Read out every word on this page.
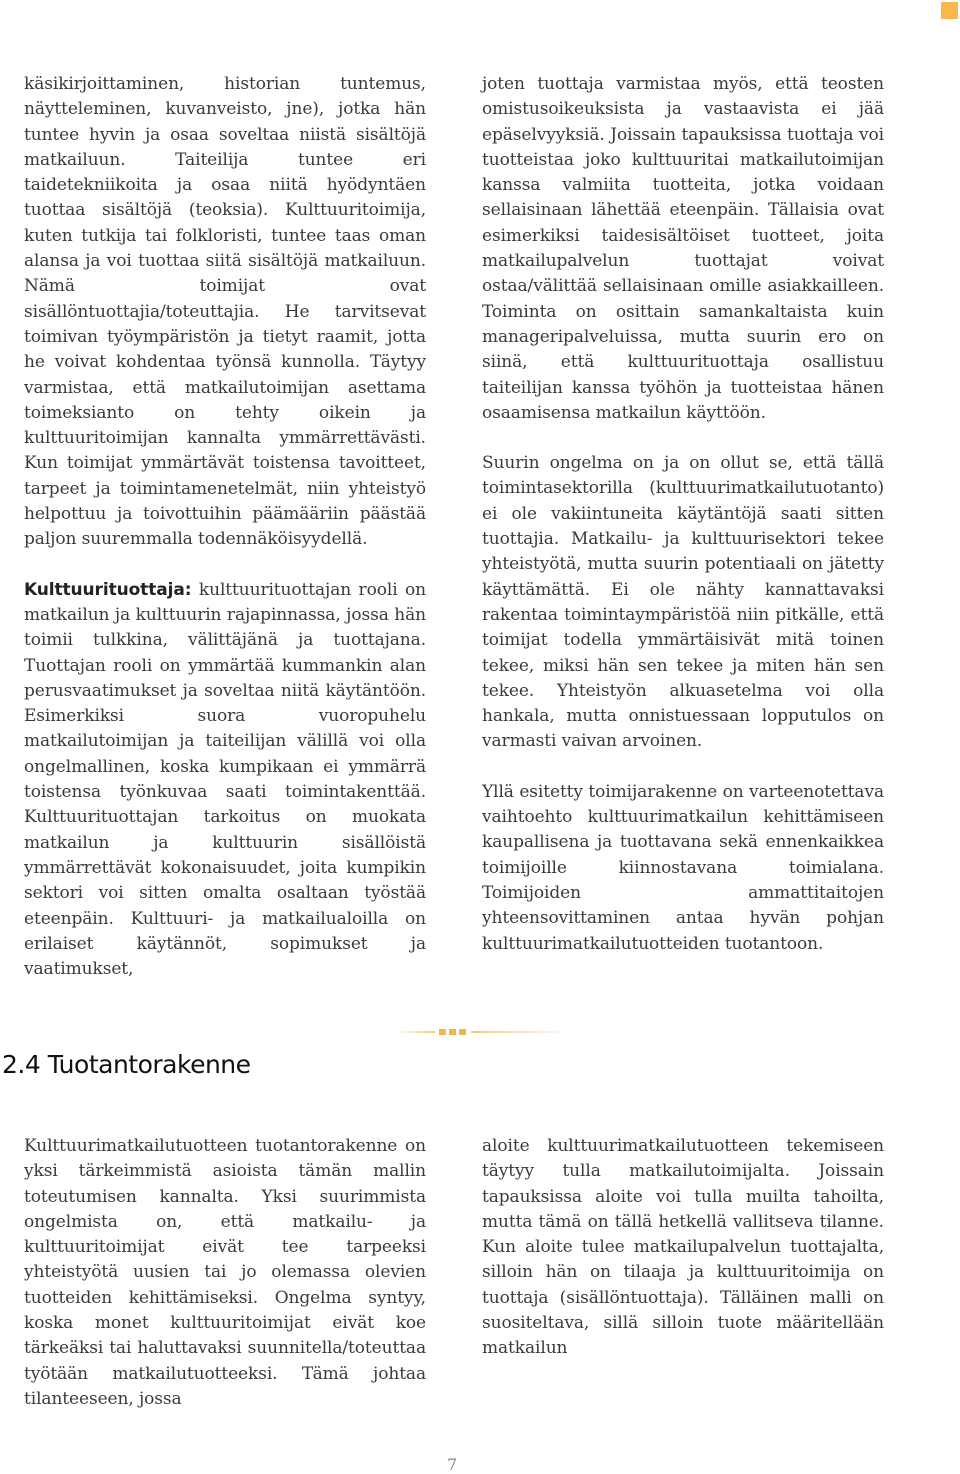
käsikirjoittaminen, historian tuntemus, näytteleminen, kuvanveisto, jne), jotka hän tuntee hyvin ja osaa soveltaa niistä sisältöjä matkailuun. Taiteilija tuntee eri taidetekniikoita ja osaa niitä hyödyntäen tuottaa sisältöjä (teoksia). Kulttuuritoimija, kuten tutkija tai folkloristi, tuntee taas oman alansa ja voi tuottaa siitä sisältöjä matkailuun. Nämä toimijat ovat sisällöntuottajia/toteuttajia. He tarvitsevat toimivan työympäristön ja tietyt raamit, jotta he voivat kohdentaa työnsä kunnolla. Täytyy varmistaa, että matkailutoimijan asettama toimeksianto on tehty oikein ja kulttuuritoimijan kannalta ymmärrettävästi. Kun toimijat ymmärtävät toistensa tavoitteet, tarpeet ja toimintamenetelmät, niin yhteistyö helpottuu ja toivottuihin päämääriin päästää paljon suuremmalla todennäköisyydellä.

Kulttuurituottaja: kulttuurituottajan rooli on matkailun ja kulttuurin rajapinnassa, jossa hän toimii tulkkina, välittäjänä ja tuottajana. Tuottajan rooli on ymmärtää kummankin alan perusvaatimukset ja soveltaa niitä käytäntöön. Esimerkiksi suora vuoropuhelu matkailutoimijan ja taiteilijan välillä voi olla ongelmallinen, koska kumpikaan ei ymmärrä toistensa työnkuvaa saati toimintakenttää. Kulttuurituottajan tarkoitus on muokata matkailun ja kulttuurin sisällöistä ymmärrettävät kokonaisuudet, joita kumpikin sektori voi sitten omalta osaltaan työstää eteenpäin. Kulttuuri- ja matkailualoilla on erilaiset käytännöt, sopimukset ja vaatimukset,

joten tuottaja varmistaa myös, että teosten omistusoikeuksista ja vastaavista ei jää epäselvyyksiä. Joissain tapauksissa tuottaja voi tuotteistaa joko kulttuuritai matkailutoimijan kanssa valmiita tuotteita, jotka voidaan sellaisinaan lähettää eteenpäin. Tällaisia ovat esimerkiksi taidesisältöiset tuotteet, joita matkailupalvelun tuottajat voivat ostaa/välittää sellaisinaan omille asiakkailleen. Toiminta on osittain samankaltaista kuin manageripalveluissa, mutta suurin ero on siinä, että kulttuurituottaja osallistuu taiteilijan kanssa työhön ja tuotteistaa hänen osaamisensa matkailun käyttöön.

Suurin ongelma on ja on ollut se, että tällä toimintasektorilla (kulttuurimatkailutuotanto) ei ole vakiintuneita käytäntöjä saati sitten tuottajia. Matkailu- ja kulttuurisektori tekee yhteistyötä, mutta suurin potentiaali on jätetty käyttämättä. Ei ole nähty kannattavaksi rakentaa toimintaympäristöä niin pitkälle, että toimijat todella ymmärtäisivät mitä toinen tekee, miksi hän sen tekee ja miten hän sen tekee. Yhteistyön alkuasetelma voi olla hankala, mutta onnistuessaan lopputulos on varmasti vaivan arvoinen.

Yllä esitetty toimijarakenne on varteenotettava vaihtoehto kulttuurimatkailun kehittämiseen kaupallisena ja tuottavana sekä ennenkaikkea toimijoille kiinnostavana toimialana. Toimijoiden ammattitaitojen yhteensovittaminen antaa hyvän pohjan kulttuurimatkailutuotteiden tuotantoon.

2.4 Tuotantorakenne

Kulttuurimatkailutuotteen tuotantorakenne on yksi tärkeimmistä asioista tämän mallin toteutumisen kannalta. Yksi suurimmista ongelmista on, että matkailu- ja kulttuuritoimijat eivät tee tarpeeksi yhteistyötä uusien tai jo olemassa olevien tuotteiden kehittämiseksi. Ongelma syntyy, koska monet kulttuuritoimijat eivät koe tärkeäksi tai haluttavaksi suunnitella/toteuttaa työtään matkailutuotteeksi. Tämä johtaa tilanteeseen, jossa

aloite kulttuurimatkailutuotteen tekemiseen täytyy tulla matkailutoimijalta. Joissain tapauksissa aloite voi tulla muilta tahoilta, mutta tämä on tällä hetkellä vallitseva tilanne. Kun aloite tulee matkailupalvelun tuottajalta, silloin hän on tilaaja ja kulttuuritoimija on tuottaja (sisällöntuottaja). Tälläinen malli on suositeltava, sillä silloin tuote määritellään matkailun

7
